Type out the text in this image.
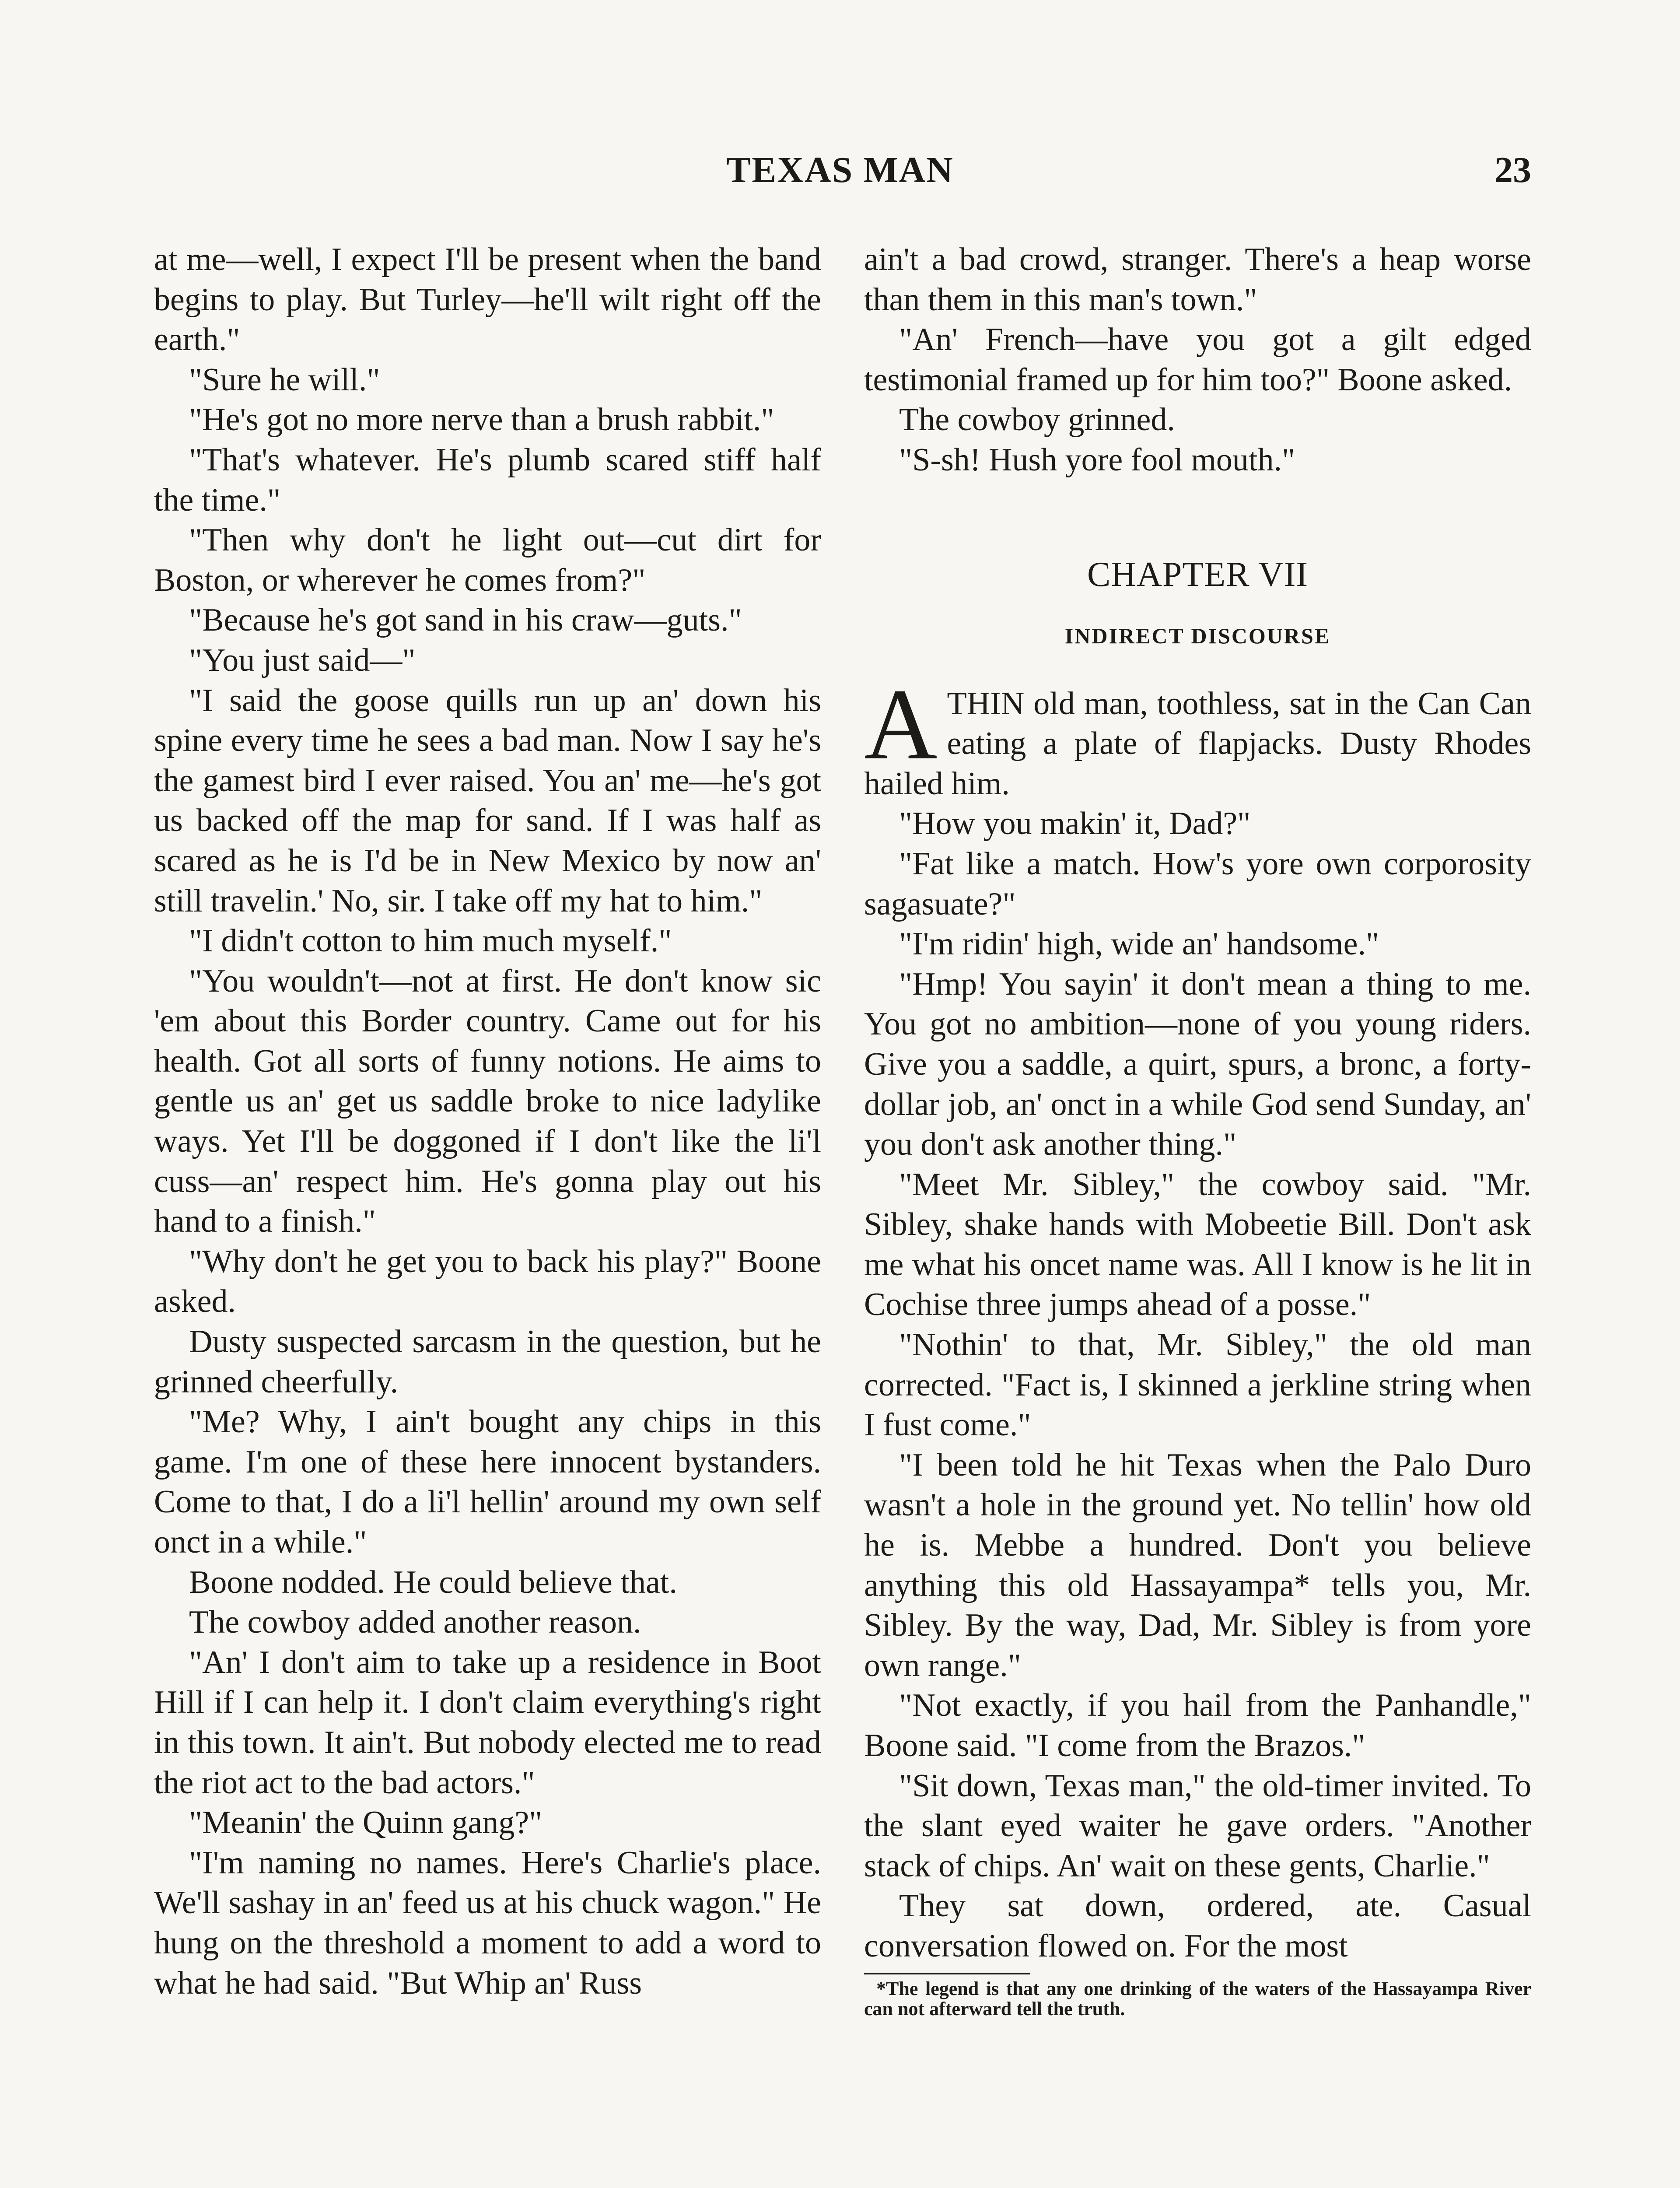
TEXAS MAN	23

at me—well, I expect I'll be present when the band begins to play. But Turley—he'll wilt right off the earth."

"Sure he will."

"He's got no more nerve than a brush rabbit."

"That's whatever. He's plumb scared stiff half the time."

"Then why don't he light out—cut dirt for Boston, or wherever he comes from?"

"Because he's got sand in his craw—guts."

"You just said—"

"I said the goose quills run up an' down his spine every time he sees a bad man. Now I say he's the gamest bird I ever raised. You an' me—he's got us backed off the map for sand. If I was half as scared as he is I'd be in New Mexico by now an' still travelin.' No, sir. I take off my hat to him."

"I didn't cotton to him much myself."

"You wouldn't—not at first. He don't know sic 'em about this Border country. Came out for his health. Got all sorts of funny notions. He aims to gentle us an' get us saddle broke to nice ladylike ways. Yet I'll be doggoned if I don't like the li'l cuss—an' respect him. He's gonna play out his hand to a finish."

"Why don't he get you to back his play?" Boone asked.

Dusty suspected sarcasm in the question, but he grinned cheerfully.

"Me? Why, I ain't bought any chips in this game. I'm one of these here innocent bystanders. Come to that, I do a li'l hellin' around my own self onct in a while."

Boone nodded. He could believe that.

The cowboy added another reason.

"An' I don't aim to take up a residence in Boot Hill if I can help it. I don't claim everything's right in this town. It ain't. But nobody elected me to read the riot act to the bad actors."

"Meanin' the Quinn gang?"

"I'm naming no names. Here's Charlie's place. We'll sashay in an' feed us at his chuck wagon." He hung on the threshold a moment to add a word to what he had said. "But Whip an' Russ

ain't a bad crowd, stranger. There's a heap worse than them in this man's town."

"An' French—have you got a gilt edged testimonial framed up for him too?" Boone asked.

The cowboy grinned.

"S-sh! Hush yore fool mouth."

CHAPTER VII
INDIRECT DISCOURSE

ATHIN old man, toothless, sat in the Can Can eating a plate of flapjacks. Dusty Rhodes hailed him.

"How you makin' it, Dad?"

"Fat like a match. How's yore own corporosity sagasuate?"

"I'm ridin' high, wide an' handsome."

"Hmp! You sayin' it don't mean a thing to me. You got no ambition—none of you young riders. Give you a saddle, a quirt, spurs, a bronc, a forty-dollar job, an' onct in a while God send Sunday, an' you don't ask another thing."

"Meet Mr. Sibley," the cowboy said. "Mr. Sibley, shake hands with Mobeetie Bill. Don't ask me what his oncet name was. All I know is he lit in Cochise three jumps ahead of a posse."

"Nothin' to that, Mr. Sibley," the old man corrected. "Fact is, I skinned a jerkline string when I fust come."

"I been told he hit Texas when the Palo Duro wasn't a hole in the ground yet. No tellin' how old he is. Mebbe a hundred. Don't you believe anything this old Hassayampa* tells you, Mr. Sibley. By the way, Dad, Mr. Sibley is from yore own range."

"Not exactly, if you hail from the Panhandle," Boone said. "I come from the Brazos."

"Sit down, Texas man," the old-timer invited. To the slant eyed waiter he gave orders. "Another stack of chips. An' wait on these gents, Charlie."

They sat down, ordered, ate. Casual conversation flowed on. For the most

*The legend is that any one drinking of the waters of the Hassayampa River can not afterward tell the truth.
